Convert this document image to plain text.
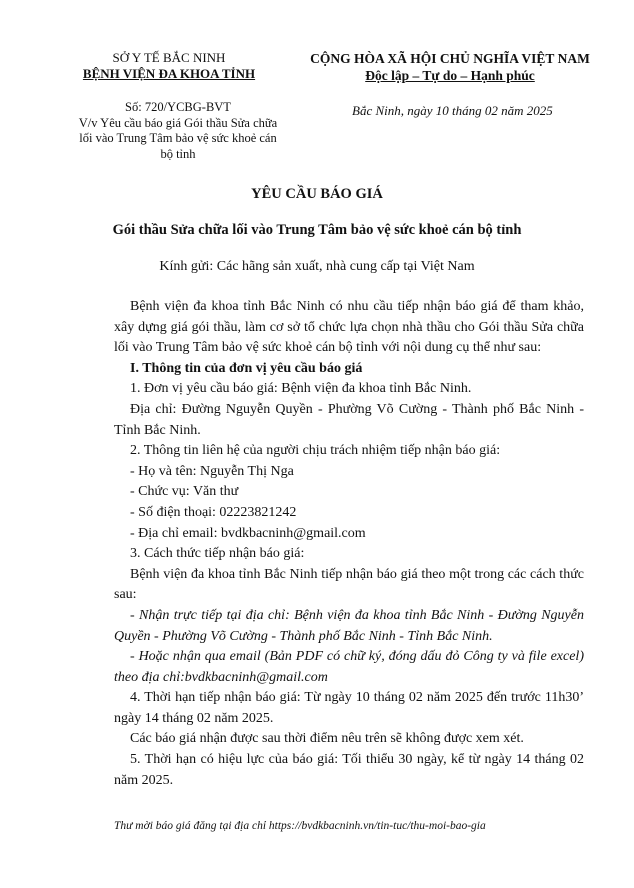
SỞ Y TẾ BẮC NINH
BỆNH VIỆN ĐA KHOA TỈNH
CỘNG HÒA XÃ HỘI CHỦ NGHĨA VIỆT NAM
Độc lập – Tự do – Hạnh phúc
Số: 720/YCBG-BVT
V/v Yêu cầu báo giá Gói thầu Sửa chữa lối vào Trung Tâm bảo vệ sức khoẻ cán bộ tỉnh
Bắc Ninh, ngày 10 tháng 02 năm 2025
YÊU CẦU BÁO GIÁ
Gói thầu Sửa chữa lối vào Trung Tâm bảo vệ sức khoẻ cán bộ tỉnh
Kính gửi: Các hãng sản xuất, nhà cung cấp tại Việt Nam

Bệnh viện đa khoa tỉnh Bắc Ninh có nhu cầu tiếp nhận báo giá để tham khảo, xây dựng giá gói thầu, làm cơ sở tổ chức lựa chọn nhà thầu cho Gói thầu Sửa chữa lối vào Trung Tâm bảo vệ sức khoẻ cán bộ tỉnh với nội dung cụ thể như sau:

I. Thông tin của đơn vị yêu cầu báo giá

1. Đơn vị yêu cầu báo giá: Bệnh viện đa khoa tỉnh Bắc Ninh.

Địa chỉ: Đường Nguyễn Quyền - Phường Võ Cường - Thành phố Bắc Ninh - Tỉnh Bắc Ninh.

2. Thông tin liên hệ của người chịu trách nhiệm tiếp nhận báo giá:

- Họ và tên: Nguyễn Thị Nga

- Chức vụ: Văn thư

- Số điện thoại: 02223821242

- Địa chỉ email: bvdkbacninh@gmail.com

3. Cách thức tiếp nhận báo giá:

Bệnh viện đa khoa tỉnh Bắc Ninh tiếp nhận báo giá theo một trong các cách thức sau:

- Nhận trực tiếp tại địa chỉ: Bệnh viện đa khoa tỉnh Bắc Ninh - Đường Nguyễn Quyền - Phường Võ Cường - Thành phố Bắc Ninh - Tỉnh Bắc Ninh.

- Hoặc nhận qua email (Bản PDF có chữ ký, đóng dấu đỏ Công ty và file excel) theo địa chỉ:bvdkbacninh@gmail.com

4. Thời hạn tiếp nhận báo giá: Từ ngày 10 tháng 02 năm 2025 đến trước 11h30’ ngày 14 tháng 02 năm 2025.

Các báo giá nhận được sau thời điểm nêu trên sẽ không được xem xét.

5. Thời hạn có hiệu lực của báo giá: Tối thiểu 30 ngày, kể từ ngày 14 tháng 02 năm 2025.

Thư mời báo giá đăng tại địa chỉ https://bvdkbacninh.vn/tin-tuc/thu-moi-bao-gia
